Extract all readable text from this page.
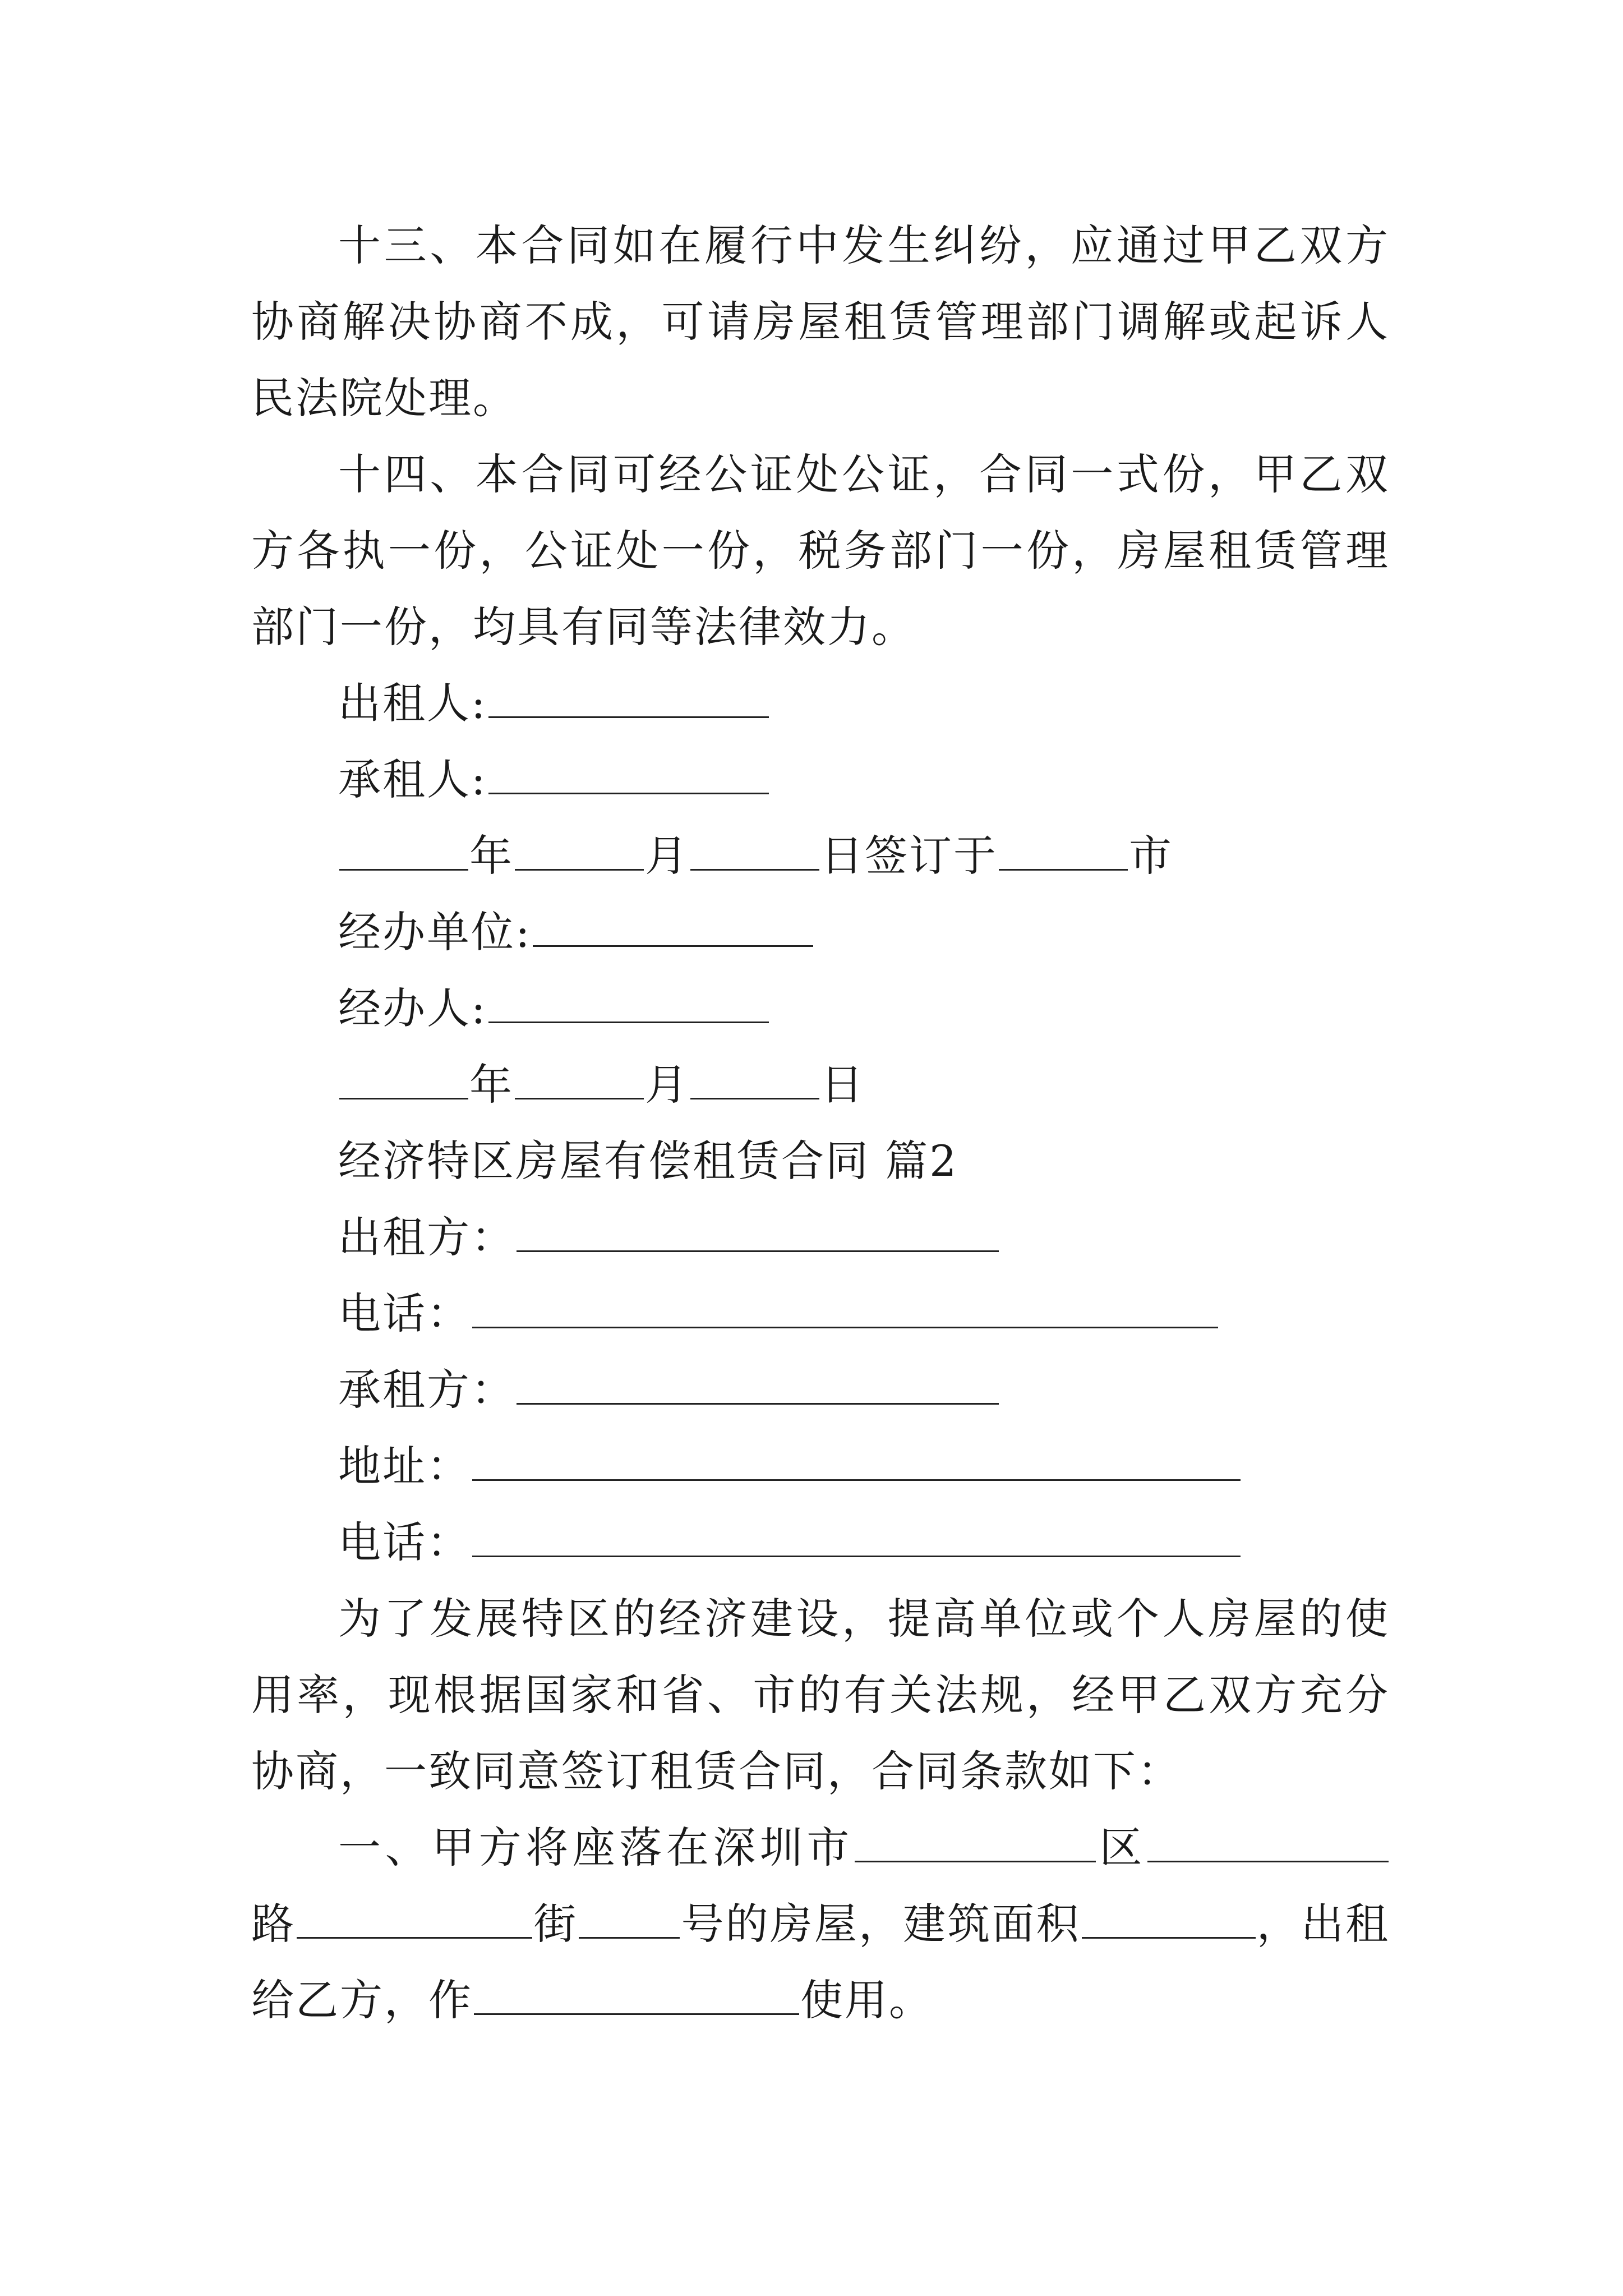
十三、本合同如在履行中发生纠纷，应通过甲乙双方协商解决协商不成，可请房屋租赁管理部门调解或起诉人民法院处理。

十四、本合同可经公证处公证，合同一式份，甲乙双方各执一份，公证处一份，税务部门一份，房屋租赁管理部门一份，均具有同等法律效力。

出租人:

承租人:

年	月	日签订于	市

经办单位:

经办人:

年	月	日

经济特区房屋有偿租赁合同 篇2

出租方：

电话：

承租方：

地址：

电话：

为了发展特区的经济建设，提高单位或个人房屋的使用率，现根据国家和省、市的有关法规，经甲乙双方充分协商，一致同意签订租赁合同，合同条款如下：

一、甲方将座落在深圳市	区路	街 号的房屋，建筑面积	，出租给乙方，作	使用。
